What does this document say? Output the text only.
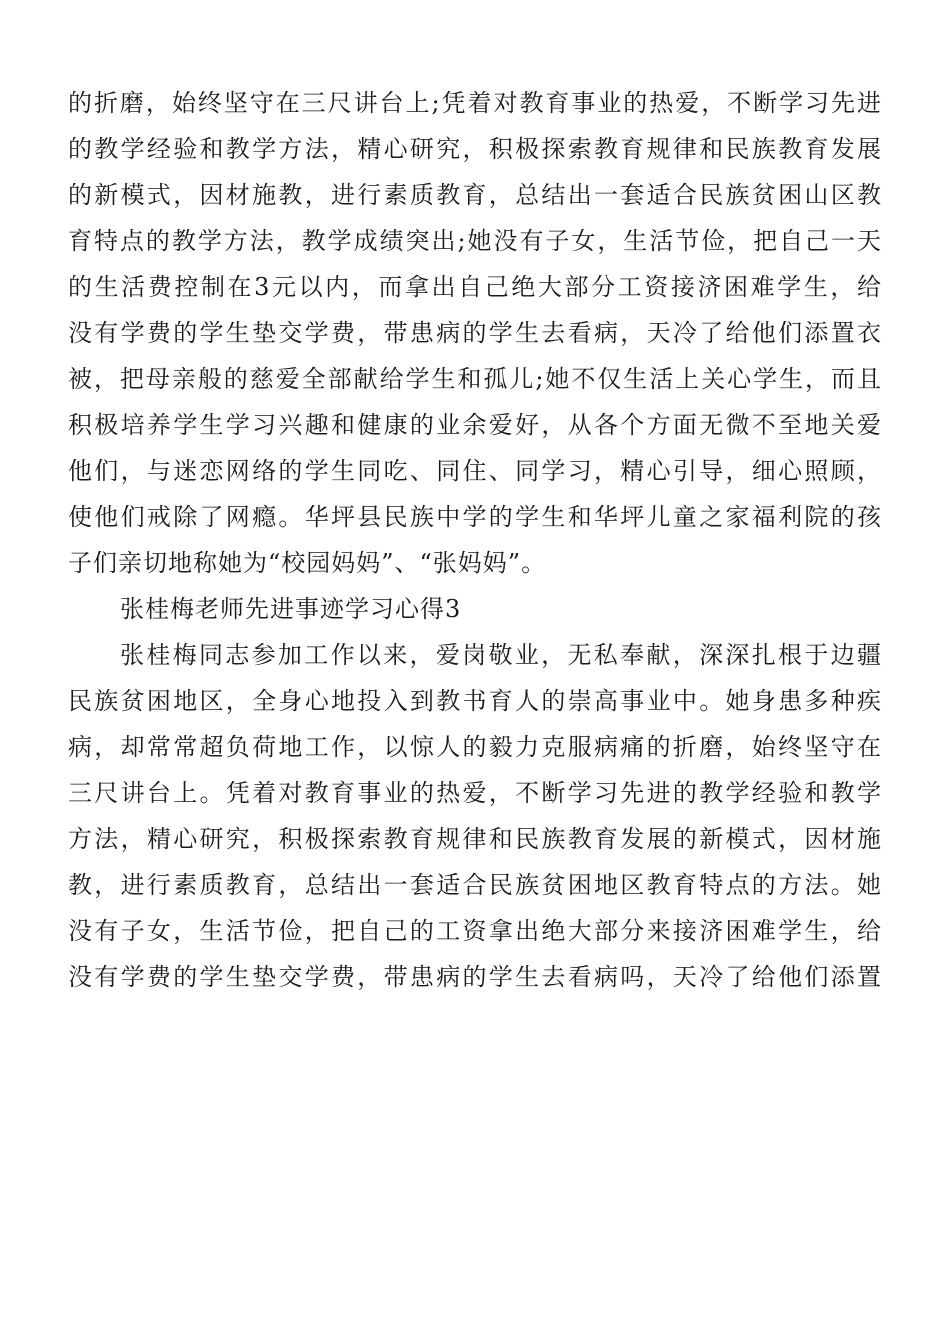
的折磨，始终坚守在三尺讲台上;凭着对教育事业的热爱，不断学习先进
的教学经验和教学方法，精心研究，积极探索教育规律和民族教育发展
的新模式，因材施教，进行素质教育，总结出一套适合民族贫困山区教
育特点的教学方法，教学成绩突出;她没有子女，生活节俭，把自己一天
的生活费控制在3元以内，而拿出自己绝大部分工资接济困难学生，给
没有学费的学生垫交学费，带患病的学生去看病，天冷了给他们添置衣
被，把母亲般的慈爱全部献给学生和孤儿;她不仅生活上关心学生，而且
积极培养学生学习兴趣和健康的业余爱好，从各个方面无微不至地关爱
他们，与迷恋网络的学生同吃、同住、同学习，精心引导，细心照顾，
使他们戒除了网瘾。华坪县民族中学的学生和华坪儿童之家福利院的孩
子们亲切地称她为“校园妈妈”、“张妈妈”。
张桂梅老师先进事迹学习心得3
张桂梅同志参加工作以来，爱岗敬业，无私奉献，深深扎根于边疆
民族贫困地区，全身心地投入到教书育人的崇高事业中。她身患多种疾
病，却常常超负荷地工作，以惊人的毅力克服病痛的折磨，始终坚守在
三尺讲台上。凭着对教育事业的热爱，不断学习先进的教学经验和教学
方法，精心研究，积极探索教育规律和民族教育发展的新模式，因材施
教，进行素质教育，总结出一套适合民族贫困地区教育特点的方法。她
没有子女，生活节俭，把自己的工资拿出绝大部分来接济困难学生，给
没有学费的学生垫交学费，带患病的学生去看病吗，天冷了给他们添置
